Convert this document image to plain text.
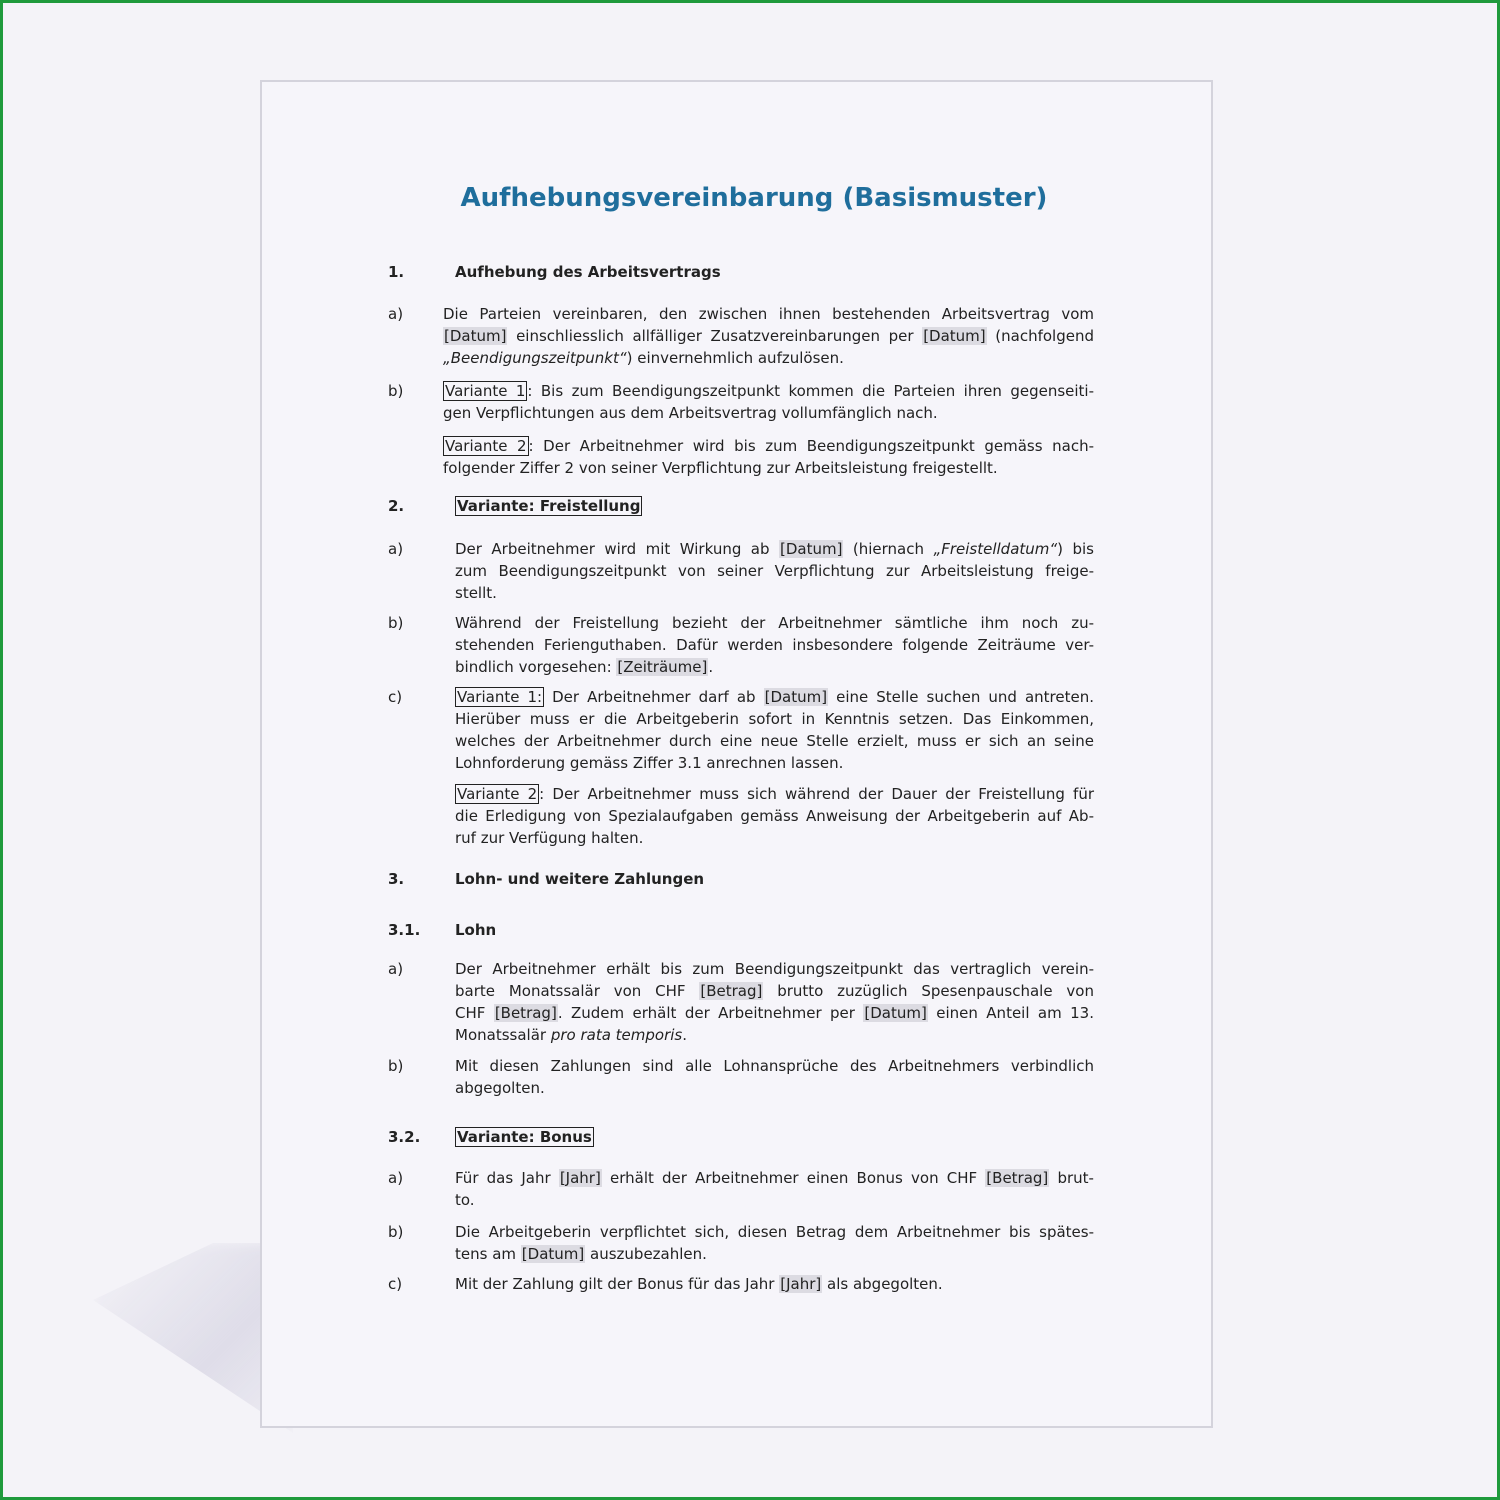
Aufhebungsvereinbarung (Basismuster)
1.	Aufhebung des Arbeitsvertrags
a)	Die Parteien vereinbaren, den zwischen ihnen bestehenden Arbeitsvertrag vom
[Datum] einschliesslich allfälliger Zusatzvereinbarungen per [Datum] (nachfolgend
„Beendigungszeitpunkt“) einvernehmlich aufzulösen.
b)	Variante 1 : Bis zum Beendigungszeitpunkt kommen die Parteien ihren gegenseiti-
gen Verpflichtungen aus dem Arbeitsvertrag vollumfänglich nach.
Variante 2 : Der Arbeitnehmer wird bis zum Beendigungszeitpunkt gemäss nach-
folgender Ziffer 2 von seiner Verpflichtung zur Arbeitsleistung freigestellt.
2.	Variante: Freistellung
a)	Der Arbeitnehmer wird mit Wirkung ab [Datum] (hiernach „Freistelldatum“) bis
zum Beendigungszeitpunkt von seiner Verpflichtung zur Arbeitsleistung freige-
stellt.
b)	Während der Freistellung bezieht der Arbeitnehmer sämtliche ihm noch zu-
stehenden Ferienguthaben. Dafür werden insbesondere folgende Zeiträume ver-
bindlich vorgesehen: [Zeiträume].
c)	Variante 1: Der Arbeitnehmer darf ab [Datum] eine Stelle suchen und antreten.
Hierüber muss er die Arbeitgeberin sofort in Kenntnis setzen. Das Einkommen,
welches der Arbeitnehmer durch eine neue Stelle erzielt, muss er sich an seine
Lohnforderung gemäss Ziffer 3.1 anrechnen lassen.
Variante 2 : Der Arbeitnehmer muss sich während der Dauer der Freistellung für
die Erledigung von Spezialaufgaben gemäss Anweisung der Arbeitgeberin auf Ab-
ruf zur Verfügung halten.
3.	Lohn- und weitere Zahlungen
3.1. Lohn
a)	Der Arbeitnehmer erhält bis zum Beendigungszeitpunkt das vertraglich verein-
barte Monatssalär von CHF [Betrag] brutto zuzüglich Spesenpauschale von
CHF [Betrag]. Zudem erhält der Arbeitnehmer per [Datum] einen Anteil am 13.
Monatssalär pro rata temporis.
b)	Mit diesen Zahlungen sind alle Lohnansprüche des Arbeitnehmers verbindlich
abgegolten.
3.2. Variante: Bonus
a)	Für das Jahr [Jahr] erhält der Arbeitnehmer einen Bonus von CHF [Betrag] brut-
to.
b)	Die Arbeitgeberin verpflichtet sich, diesen Betrag dem Arbeitnehmer bis spätes-
tens am [Datum] auszubezahlen.
c)	Mit der Zahlung gilt der Bonus für das Jahr [Jahr] als abgegolten.
